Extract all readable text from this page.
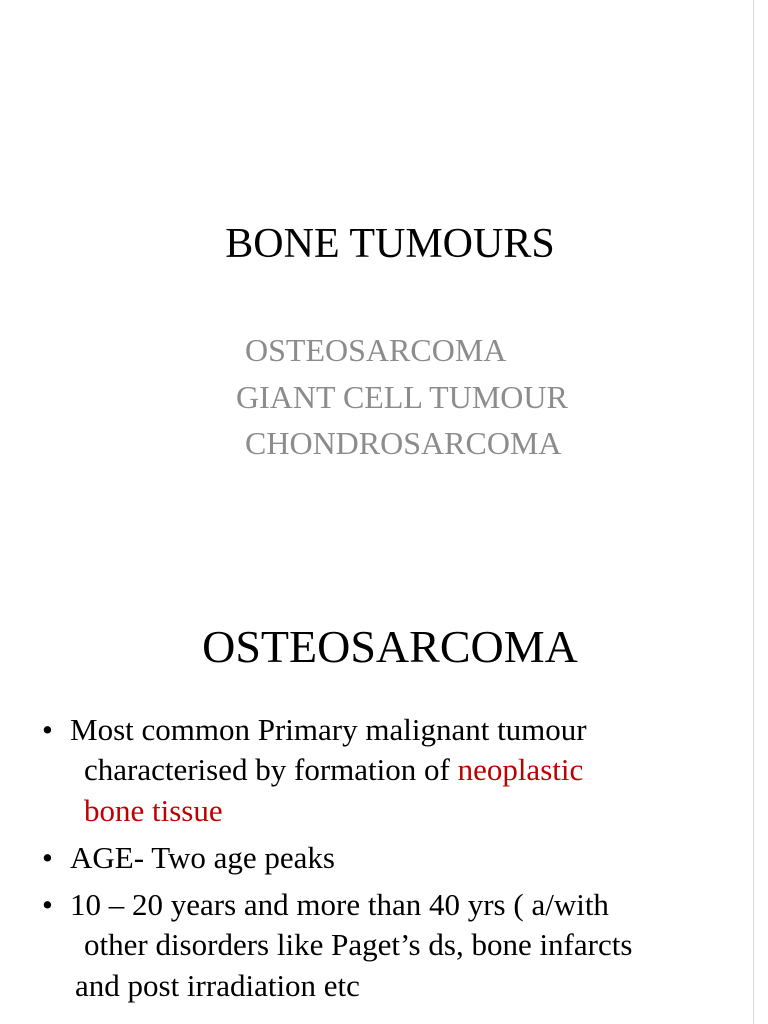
BONE TUMOURS
OSTEOSARCOMA
GIANT CELL TUMOUR
CHONDROSARCOMA
OSTEOSARCOMA
• Most common Primary malignant tumour
characterised by formation of neoplastic
bone tissue
• AGE- Two age peaks
• 10 – 20 years and more than 40 yrs ( a/with
other disorders like Paget’s ds, bone infarcts
and post irradiation etc
